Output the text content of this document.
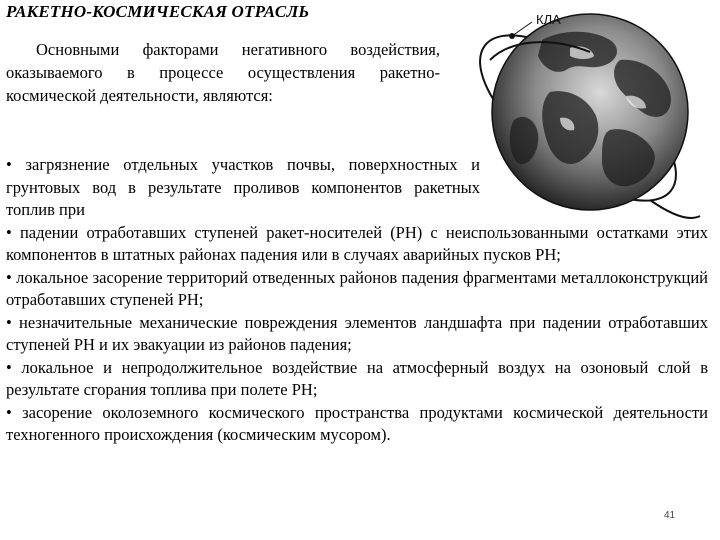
РАКЕТНО-КОСМИЧЕСКАЯ ОТРАСЛЬ
Основными факторами негативного воздействия, оказываемого в процессе осуществления ракетно-космической деятельности, являются:
КЛА
• загрязнение отдельных участков почвы, поверхностных и грунтовых вод в результате проливов компонентов ракетных топлив при
• падении отработавших ступеней ракет-носителей (РН) с неиспользованными остатками этих компонентов в штатных районах падения или в случаях аварийных пусков РН;
• локальное засорение территорий отведенных районов падения фрагментами металлоконструкций отработавших ступеней РН;
• незначительные механические повреждения элементов ландшафта при падении отработавших ступеней РН и их эвакуации из районов падения;
• локальное и непродолжительное воздействие на атмосферный воздух на озоновый слой в результате сгорания топлива при полете РН;
• засорение околоземного космического пространства продуктами космической деятельности техногенного происхождения (космическим мусором).
41
